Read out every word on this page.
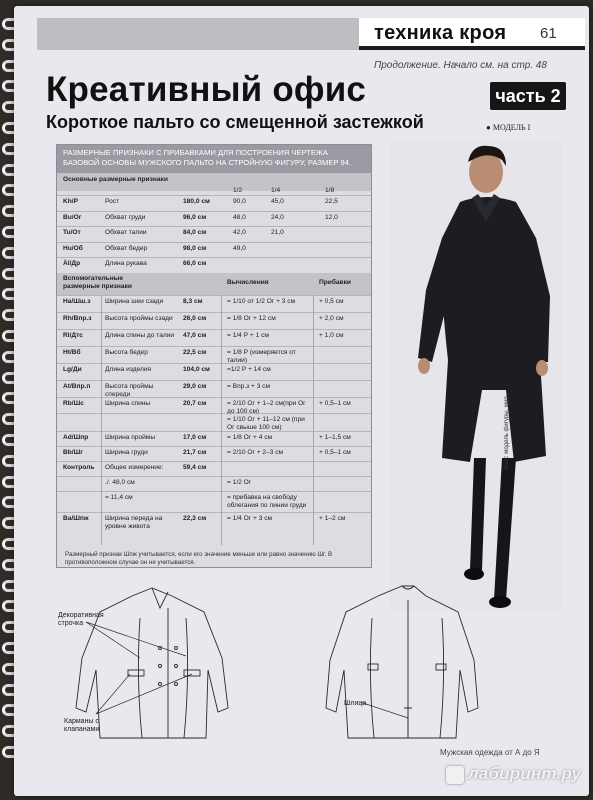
техника кроя 61
Продолжение. Начало см. на стр. 48
Креативный офис	часть 2
Короткое пальто со смещенной застежкой
●	МОДЕЛЬ I
РАЗМЕРНЫЕ ПРИЗНАКИ С ПРИБАВКАМИ ДЛЯ ПОСТРОЕНИЯ ЧЕРТЕЖА БАЗОВОЙ ОСНОВЫ МУЖСКОГО ПАЛЬТО НА СТРОЙНУЮ ФИГУРУ, РАЗМЕР 94.
Основные размерные признаки
1/2	1/4	1/8
Kh/P	Рост	180,0 см	90,0	45,0	22,5
Bu/Ог	Обхват груди	96,0 см	48,0	24,0	12,0
Tu/От	Обхват талии	84,0 см	42,0	21,0
Hu/Об	Обхват бедер	98,0 см	49,0
Äl/Др	Длина рукава	66,0 см
Вспомогательные размерные признаки	Вычисления	Прибавки
Ha/Шш.з	Ширина шеи сзади	8,3 см	= 1/10 от 1/2 Ог + 3 см	+ 0,5 см
Rh/Впр.з	Высота проймы сзади	26,0 см	= 1/8 Ог + 12 см	+ 2,0 см
Rl/Дтс	Длина спины до талии 47,0 см	= 1/4 Р + 1 см	+ 1,0 см
Ht/Вб	Высота бедер	22,5 см	= 1/8 Р (измеряется от талии)
Lg/Ди	Длина изделия	104,0 см	=1/2 Р + 14 см
At/Впр.п	Высота проймы спереди
29,0 см	= Впр.з + 3 см
Rb/Шс	Ширина спины	20,7 см	= 2/10 Ог + 1–2 см(при Ог до 100 см)
+ 0,5–1 см
= 1/10 Ог + 11–12 см (при Ог свыше 100 см)
Ad/Шпр	Ширина проймы	17,0 см	= 1/8 Ог + 4 см	+ 1–1,5 см
Bb/Шг	Ширина груди	21,7 см	= 2/10 Ог + 2–3 см	+ 0,5–1 см
Контроль	Общее измерение:	59,4 см
./. 48,0 см	= 1/2 Ог
= 11,4 см	= прибавка на свободу облегания по линии груди
Ba/Шпж	Ширина переда на уровне живота
22,3 см	= 1/4 Ог + 3 см	+ 1–2 см
Размерный признак Шпж учитывается, если его значение меньше или равно значению Шг. В противоположном случае он не учитывается.
Знак: модель фигуры, мир
Декоративная строчка
Карманы с клапанами
Шлица
Мужская одежда от А до Я
лабиринт.ру
